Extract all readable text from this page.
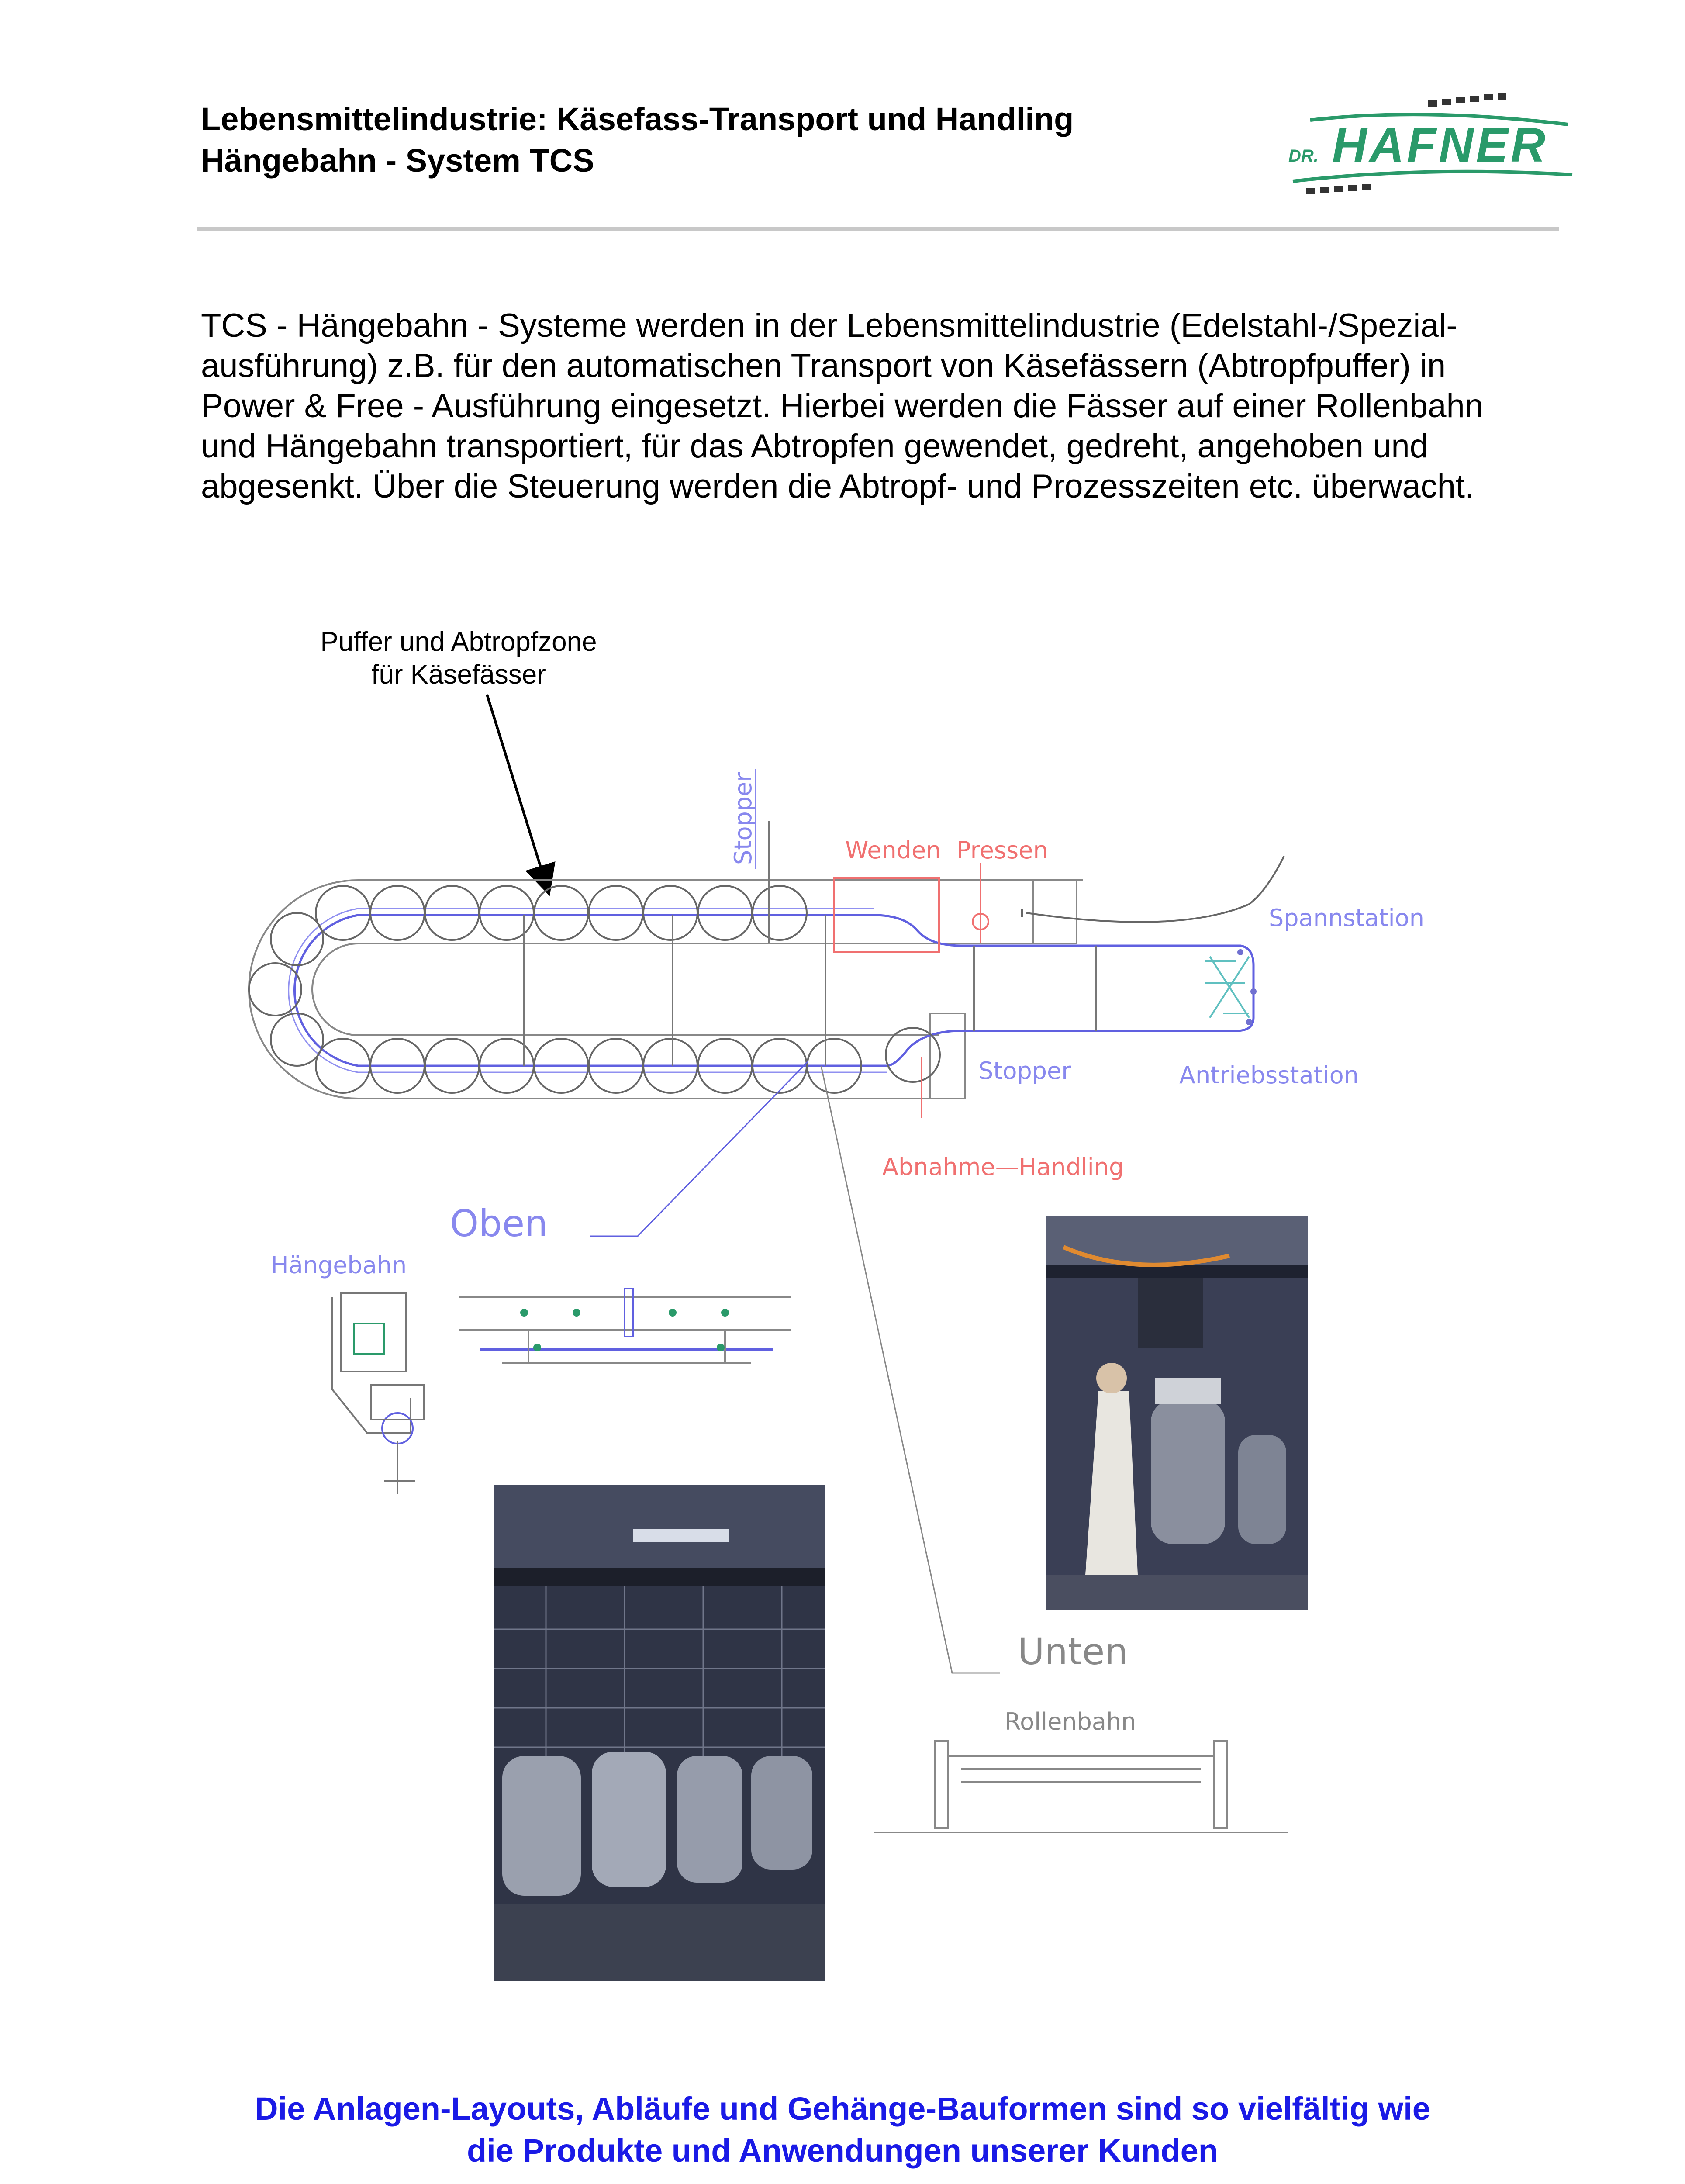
Lebensmittelindustrie: Käsefass-Transport und Handling
Hängebahn - System TCS	DR. HAFNER
TCS - Hängebahn - Systeme werden in der Lebensmittelindustrie (Edelstahl-/Spezial-
ausführung) z.B. für den automatischen Transport von Käsefässern (Abtropfpuffer) in
Power & Free - Ausführung eingesetzt. Hierbei werden die Fässer auf einer Rollenbahn
und Hängebahn transportiert, für das Abtropfen gewendet, gedreht, angehoben und
abgesenkt. Über die Steuerung werden die Abtropf- und Prozesszeiten etc. überwacht.
Puffer und Abtropfzone
für Käsefässer
Stopper	Wenden Pressen
Spannstation
Stopper	Antriebsstation
Abnahme—Handling
Oben
Unten
Hängebahn
Rollenbahn
Die Anlagen-Layouts, Abläufe und Gehänge-Bauformen sind so vielfältig wie
die Produkte und Anwendungen unserer Kunden
